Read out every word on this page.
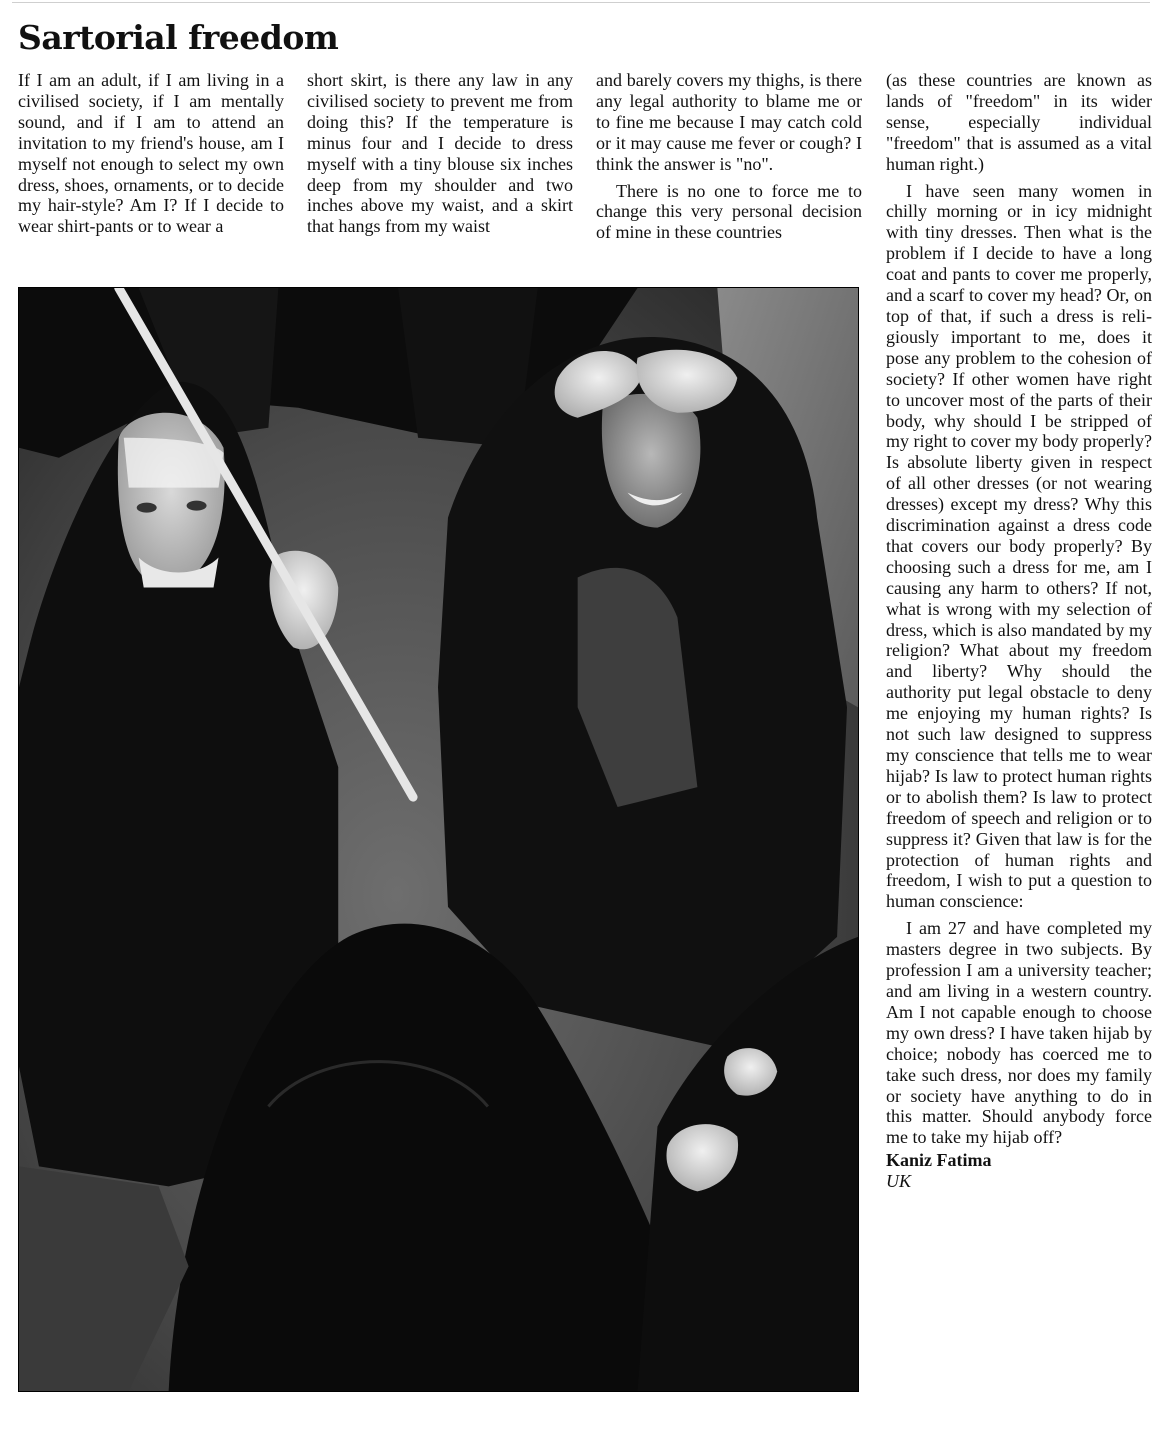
Sartorial freedom

If I am an adult, if I am living in a civilised society, if I am mentally sound, and if I am to attend an invitation to my friend's house, am I myself not enough to select my own dress, shoes, ornaments, or to decide my hair-style? Am I? If I decide to wear shirt-pants or to wear a

short skirt, is there any law in any civilised society to prevent me from doing this? If the temperature is minus four and I decide to dress myself with a tiny blouse six inches deep from my shoulder and two inches above my waist, and a skirt that hangs from my waist

and barely covers my thighs, is there any legal authority to blame me or to fine me because I may catch cold or it may cause me fever or cough? I think the answer is "no".

There is no one to force me to change this very personal decision of mine in these countries

(as these countries are known as lands of "freedom" in its wider sense, especially individual "freedom" that is assumed as a vital human right.)

I have seen many women in chilly morning or in icy midnight with tiny dresses. Then what is the problem if I decide to have a long coat and pants to cover me properly, and a scarf to cover my head? Or, on top of that, if such a dress is religiously important to me, does it pose any problem to the cohesion of society? If other women have right to uncover most of the parts of their body, why should I be stripped of my right to cover my body properly? Is absolute liberty given in respect of all other dresses (or not wearing dresses) except my dress? Why this discrimination against a dress code that covers our body properly? By choosing such a dress for me, am I causing any harm to others? If not, what is wrong with my selection of dress, which is also mandated by my religion? What about my freedom and liberty? Why should the authority put legal obstacle to deny me enjoying my human rights? Is not such law designed to suppress my conscience that tells me to wear hijab? Is law to protect human rights or to abolish them? Is law to protect freedom of speech and religion or to suppress it? Given that law is for the protection of human rights and freedom, I wish to put a question to human conscience:

I am 27 and have completed my masters degree in two subjects. By profession I am a university teacher; and am living in a western country. Am I not capable enough to choose my own dress? I have taken hijab by choice; nobody has coerced me to take such dress, nor does my family or society have anything to do in this matter. Should anybody force me to take my hijab off?

Kaniz Fatima
UK
